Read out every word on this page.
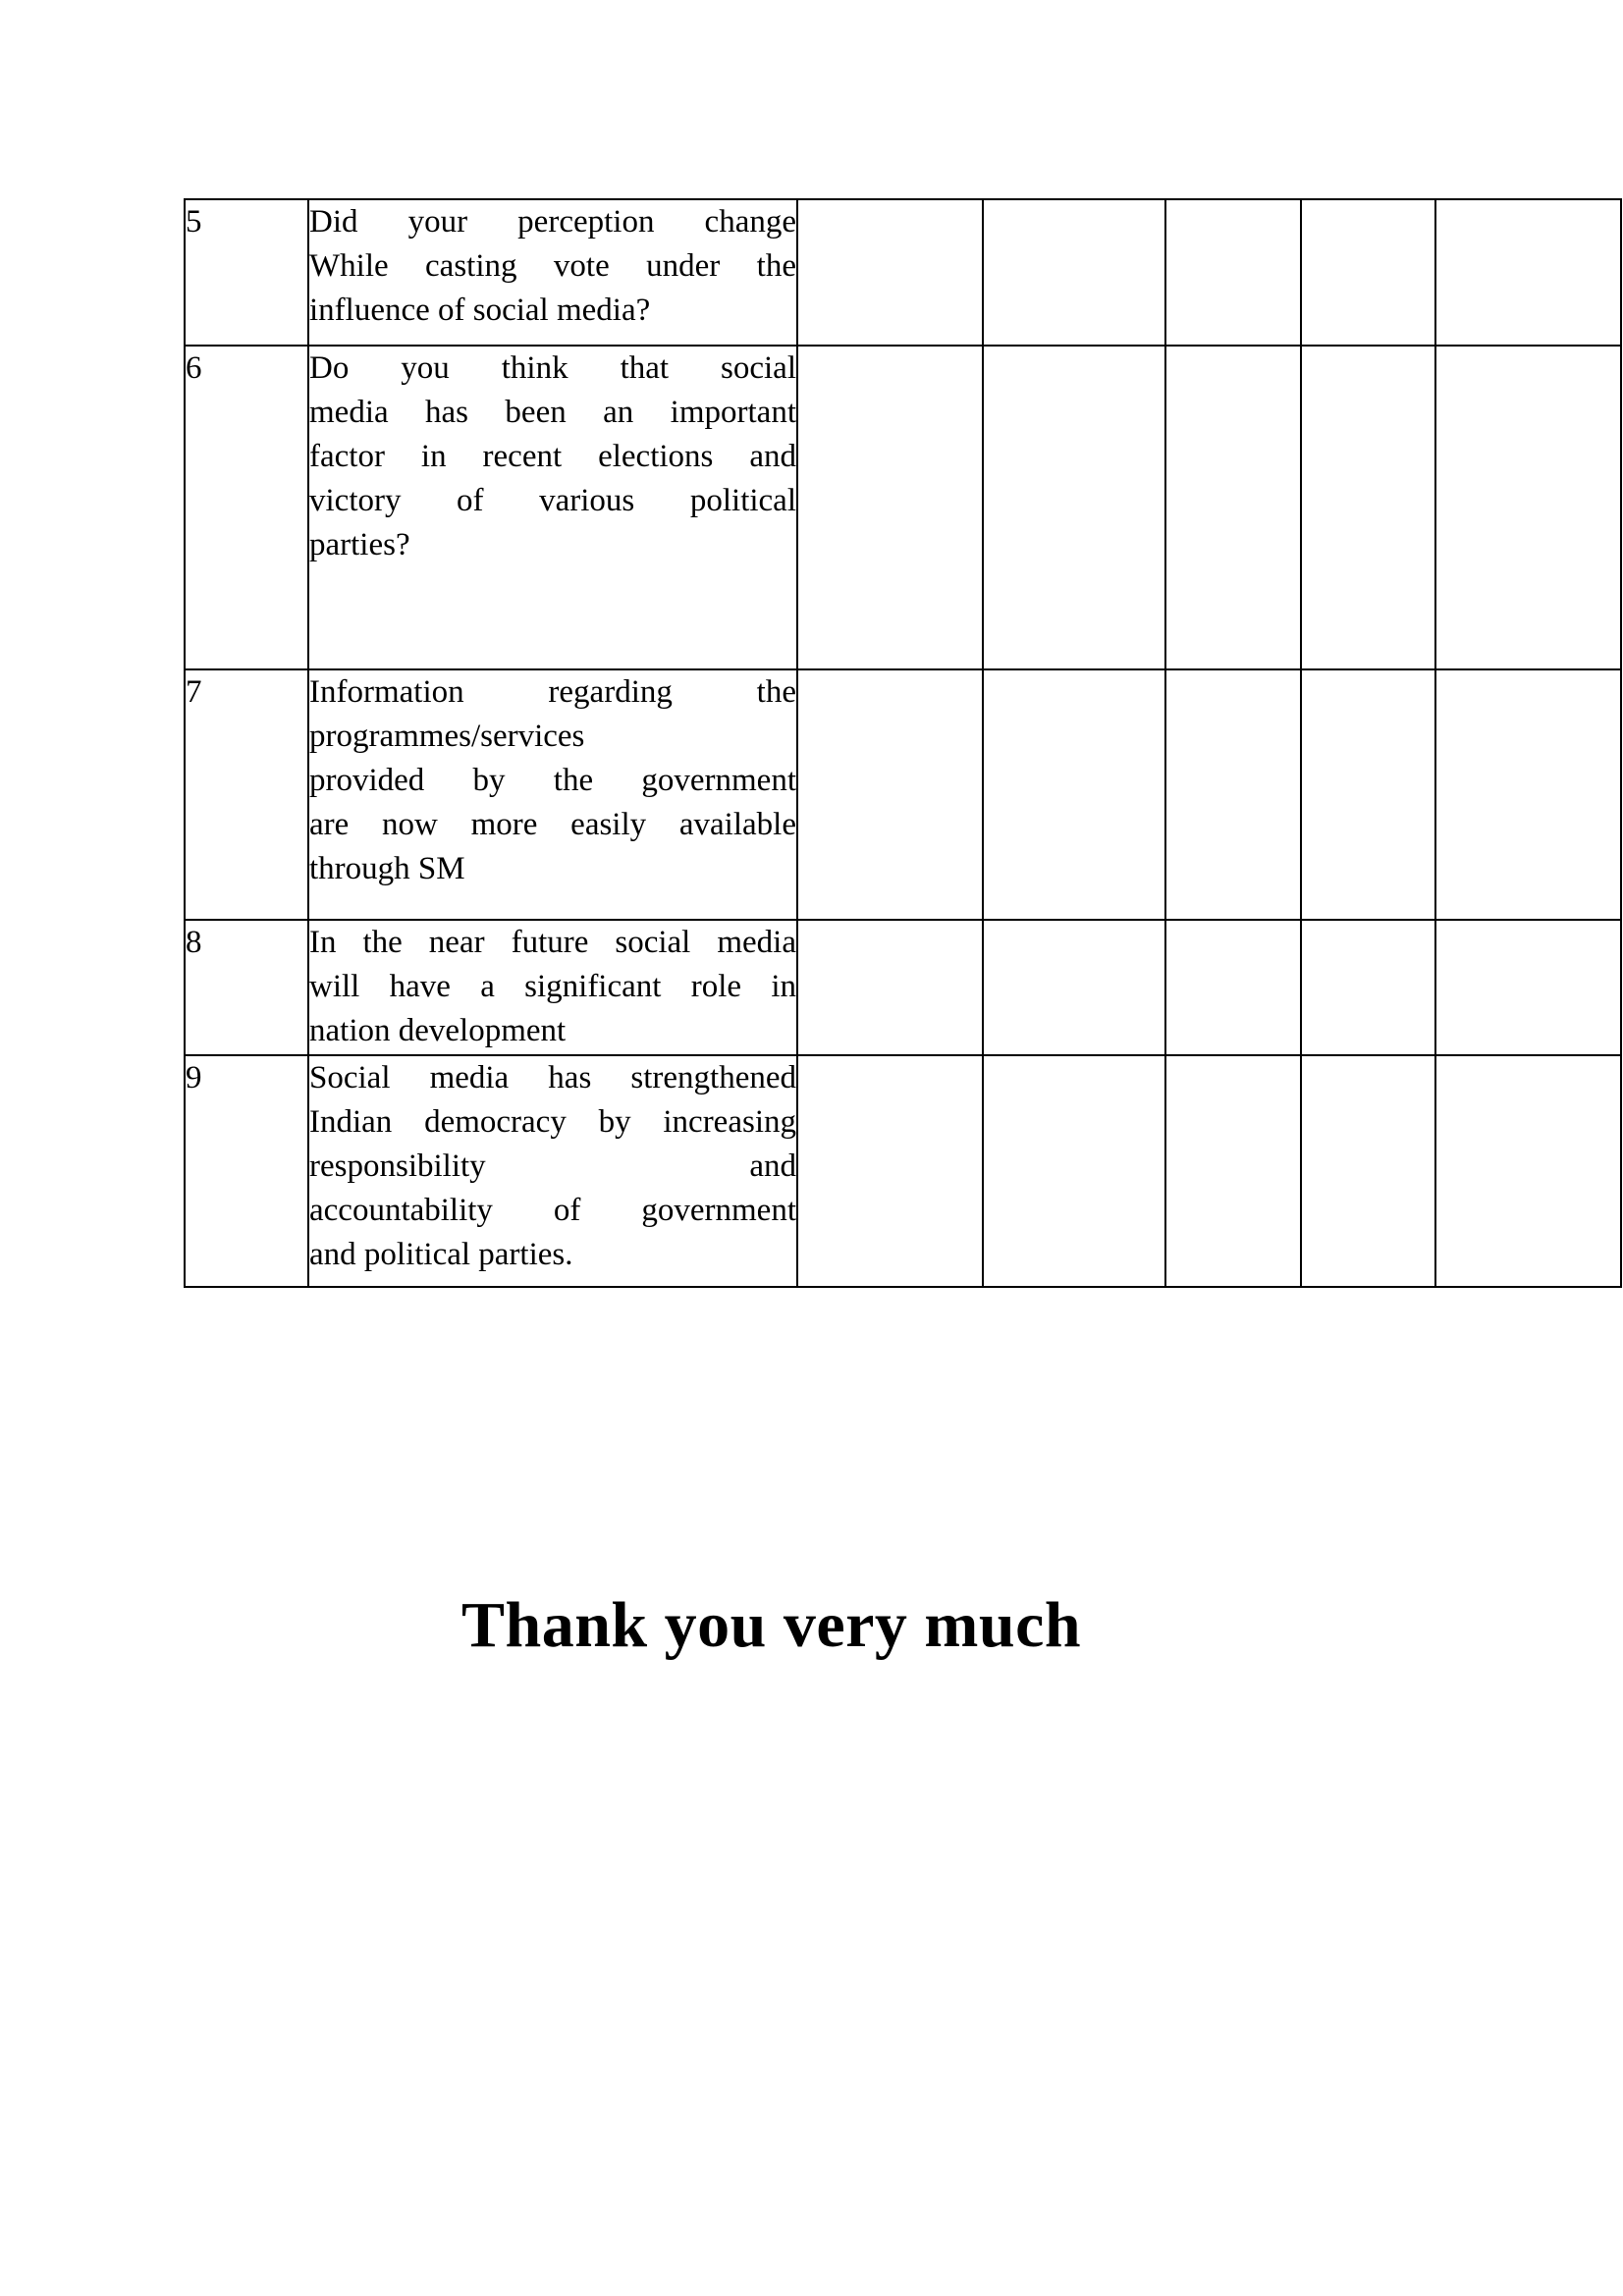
5	Did your perception change
While casting vote under the
influence of social media?					

6	Do you think that social
media has been an important
factor in recent elections and
victory of various political
parties?					

7	Information regarding the
programmes/services
provided by the government
are now more easily available
through SM					

8	In the near future social media
will have a significant role in
nation development					

9	Social media has strengthened
Indian democracy by increasing
responsibility and
accountability of government
and political parties.					

Thank you very much
